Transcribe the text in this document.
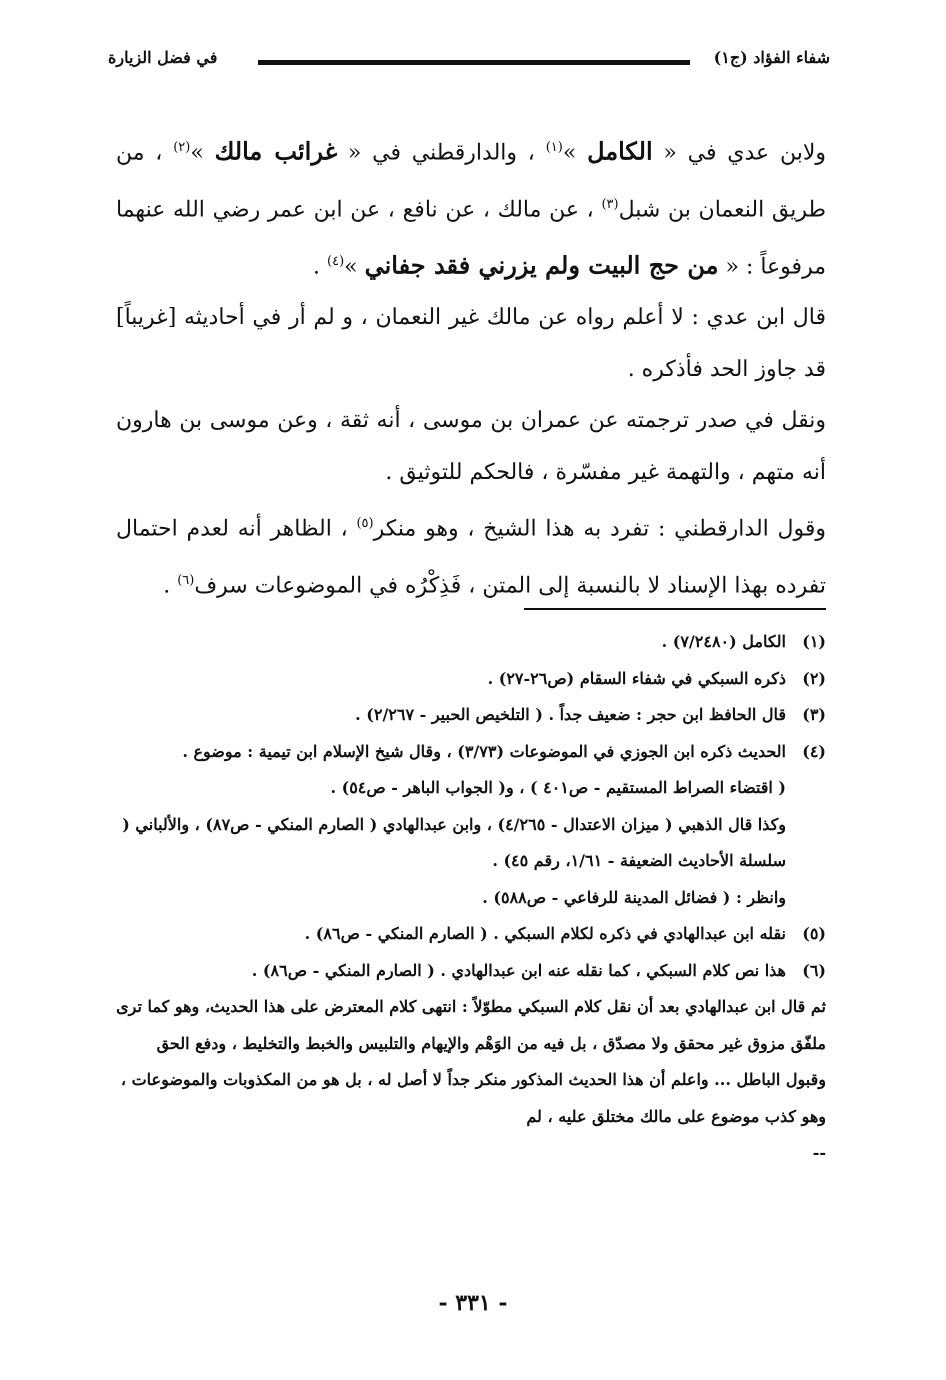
شفاء الفؤاد (ج١)
في فضل الزيارة

ولابن عدي في « الكامل »$^{(١)}$ ، والدارقطني في « غرائب مالك »$^{(٢)}$ ، من طريق النعمان بن شبل$^{(٣)}$ ، عن مالك ، عن نافع ، عن ابن عمر رضي الله عنهما مرفوعاً : « من حج البيت ولم يزرني فقد جفاني »$^{(٤)}$ .

قال ابن عدي : لا أعلم رواه عن مالك غير النعمان ، و لم أر في أحاديثه [غريباً] قد جاوز الحد فأذكره .

ونقل في صدر ترجمته عن عمران بن موسى ، أنه ثقة ، وعن موسى بن هارون أنه متهم ، والتهمة غير مفسّرة ، فالحكم للتوثيق .

وقول الدارقطني : تفرد به هذا الشيخ ، وهو منكر$^{(٥)}$ ، الظاهر أنه لعدم احتمال تفرده بهذا الإسناد لا بالنسبة إلى المتن ، فَذِكْرُه في الموضوعات سرف$^{(٦)}$ .

(١)
الكامل (٧/٢٤٨٠) .

(٢)
ذكره السبكي في شفاء السقام (ص٢٦-٢٧) .

(٣)
قال الحافظ ابن حجر : ضعيف جداً . ( التلخيص الحبير - ٢/٢٦٧) .

(٤)
الحديث ذكره ابن الجوزي في الموضوعات (٣/٧٣) ، وقال شيخ الإسلام ابن تيمية : موضوع .

( اقتضاء الصراط المستقيم - ص٤٠١ ) ، و( الجواب الباهر - ص٥٤) .

وكذا قال الذهبي ( ميزان الاعتدال - ٤/٢٦٥) ، وابن عبدالهادي ( الصارم المنكي - ص٨٧) ، والألباني ( سلسلة الأحاديث الضعيفة - ١/٦١، رقم ٤٥) .

وانظر : ( فضائل المدينة للرفاعي - ص٥٨٨) .

(٥)
نقله ابن عبدالهادي في ذكره لكلام السبكي . ( الصارم المنكي - ص٨٦) .

(٦)
هذا نص كلام السبكي ، كما نقله عنه ابن عبدالهادي . ( الصارم المنكي - ص٨٦) .

ثم قال ابن عبدالهادي بعد أن نقل كلام السبكي مطوّلاً : انتهى كلام المعترض على هذا الحديث، وهو كما ترى ملفّق مزوق غير محقق ولا مصدّق ، بل فيه من الوَهْم والإيهام والتلبيس والخبط والتخليط ، ودفع الحق وقبول الباطل ... واعلم أن هذا الحديث المذكور منكر جداً لا أصل له ، بل هو من المكذوبات والموضوعات ، وهو كذب موضوع على مالك مختلق عليه ، لم

--

- ٣٣١ -
